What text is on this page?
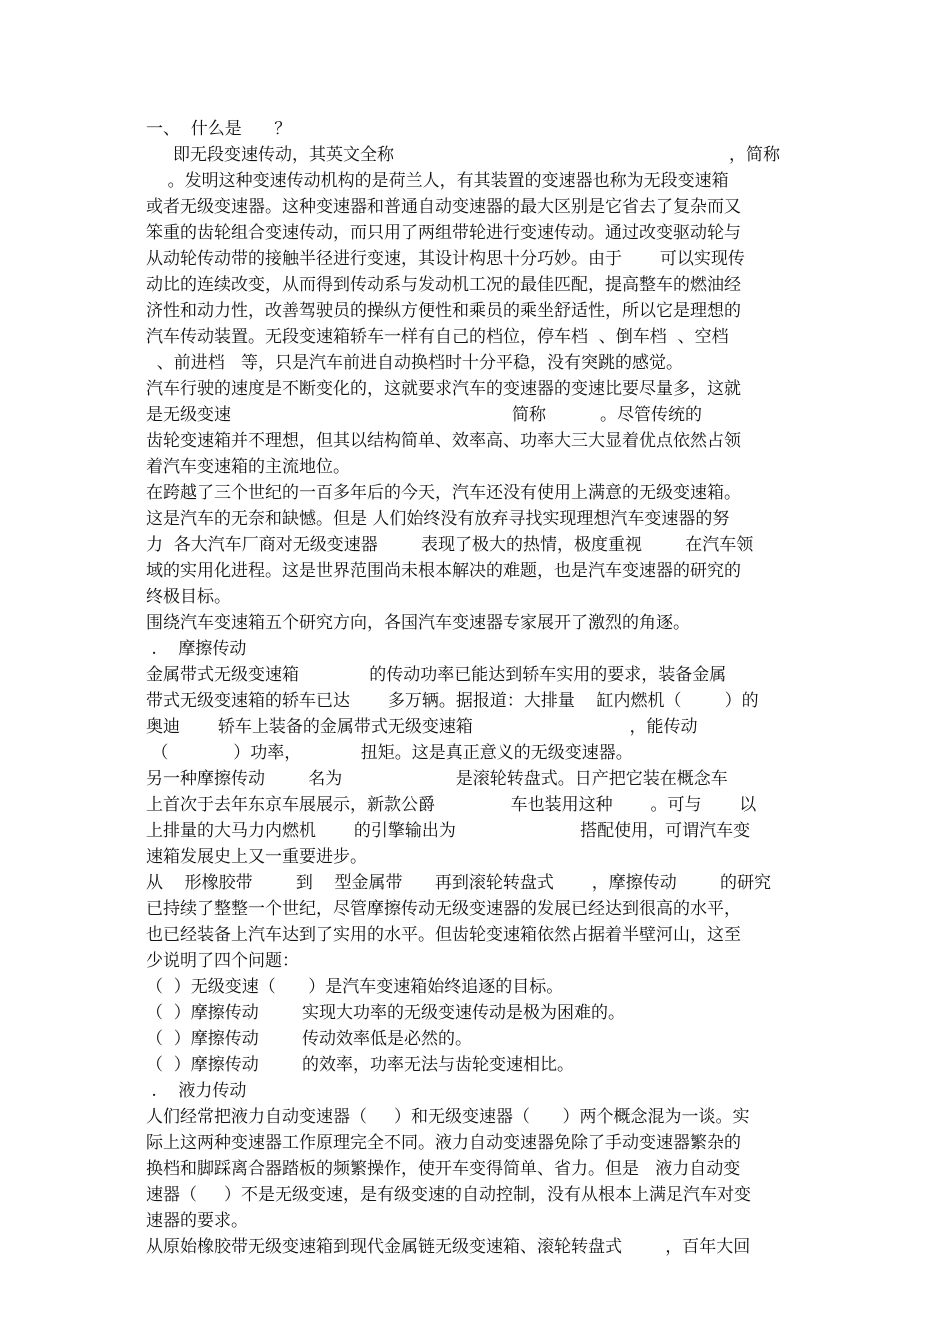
一、  什么是      ？
即无段变速传动，其英文全称                                                              ，简称
。发明这种变速传动机构的是荷兰人，有其装置的变速器也称为无段变速箱
或者无级变速器。这种变速器和普通自动变速器的最大区别是它省去了复杂而又
笨重的齿轮组合变速传动，而只用了两组带轮进行变速传动。通过改变驱动轮与
从动轮传动带的接触半径进行变速，其设计构思十分巧妙。由于       可以实现传
动比的连续改变，从而得到传动系与发动机工况的最佳匹配，提高整车的燃油经
济性和动力性，改善驾驶员的操纵方便性和乘员的乘坐舒适性，所以它是理想的
汽车传动装置。无段变速箱轿车一样有自己的档位，停车档  、倒车档  、空档
、前进档   等，只是汽车前进自动换档时十分平稳，没有突跳的感觉。
汽车行驶的速度是不断变化的，这就要求汽车的变速器的变速比要尽量多，这就
是无级变速                                                    简称          。尽管传统的
齿轮变速箱并不理想，但其以结构简单、效率高、功率大三大显着优点依然占领
着汽车变速箱的主流地位。
在跨越了三个世纪的一百多年后的今天，汽车还没有使用上满意的无级变速箱。
这是汽车的无奈和缺憾。但是 人们始终没有放弃寻找实现理想汽车变速器的努
力  各大汽车厂商对无级变速器        表现了极大的热情，极度重视        在汽车领
域的实用化进程。这是世界范围尚未根本解决的难题，也是汽车变速器的研究的
终极目标。
围绕汽车变速箱五个研究方向，各国汽车变速器专家展开了激烈的角逐。
.    摩擦传动
金属带式无级变速箱             的传动功率已能达到轿车实用的要求，装备金属
带式无级变速箱的轿车已达       多万辆。据报道：大排量    缸内燃机（        ）的
奥迪       轿车上装备的金属带式无级变速箱                             ，能传动
（            ）功率，           扭矩。这是真正意义的无级变速器。
另一种摩擦传动        名为                     是滚轮转盘式。日产把它装在概念车
上首次于去年东京车展展示，新款公爵              车也装用这种       。可与       以
上排量的大马力内燃机       的引擎输出为                       搭配使用，可谓汽车变
速箱发展史上又一重要进步。
从    形橡胶带        到    型金属带      再到滚轮转盘式       ，摩擦传动        的研究
已持续了整整一个世纪，尽管摩擦传动无级变速器的发展已经达到很高的水平，
也已经装备上汽车达到了实用的水平。但齿轮变速箱依然占据着半壁河山，这至
少说明了四个问题：
（  ）无级变速（      ）是汽车变速箱始终追逐的目标。
（  ）摩擦传动        实现大功率的无级变速传动是极为困难的。
（  ）摩擦传动        传动效率低是必然的。
（  ）摩擦传动        的效率，功率无法与齿轮变速相比。
.    液力传动
人们经常把液力自动变速器（     ）和无级变速器（      ）两个概念混为一谈。实
际上这两种变速器工作原理完全不同。液力自动变速器免除了手动变速器繁杂的
换档和脚踩离合器踏板的频繁操作，使开车变得简单、省力。但是   液力自动变
速器（     ）不是无级变速，是有级变速的自动控制，没有从根本上满足汽车对变
速器的要求。
从原始橡胶带无级变速箱到现代金属链无级变速箱、滚轮转盘式        ，百年大回
